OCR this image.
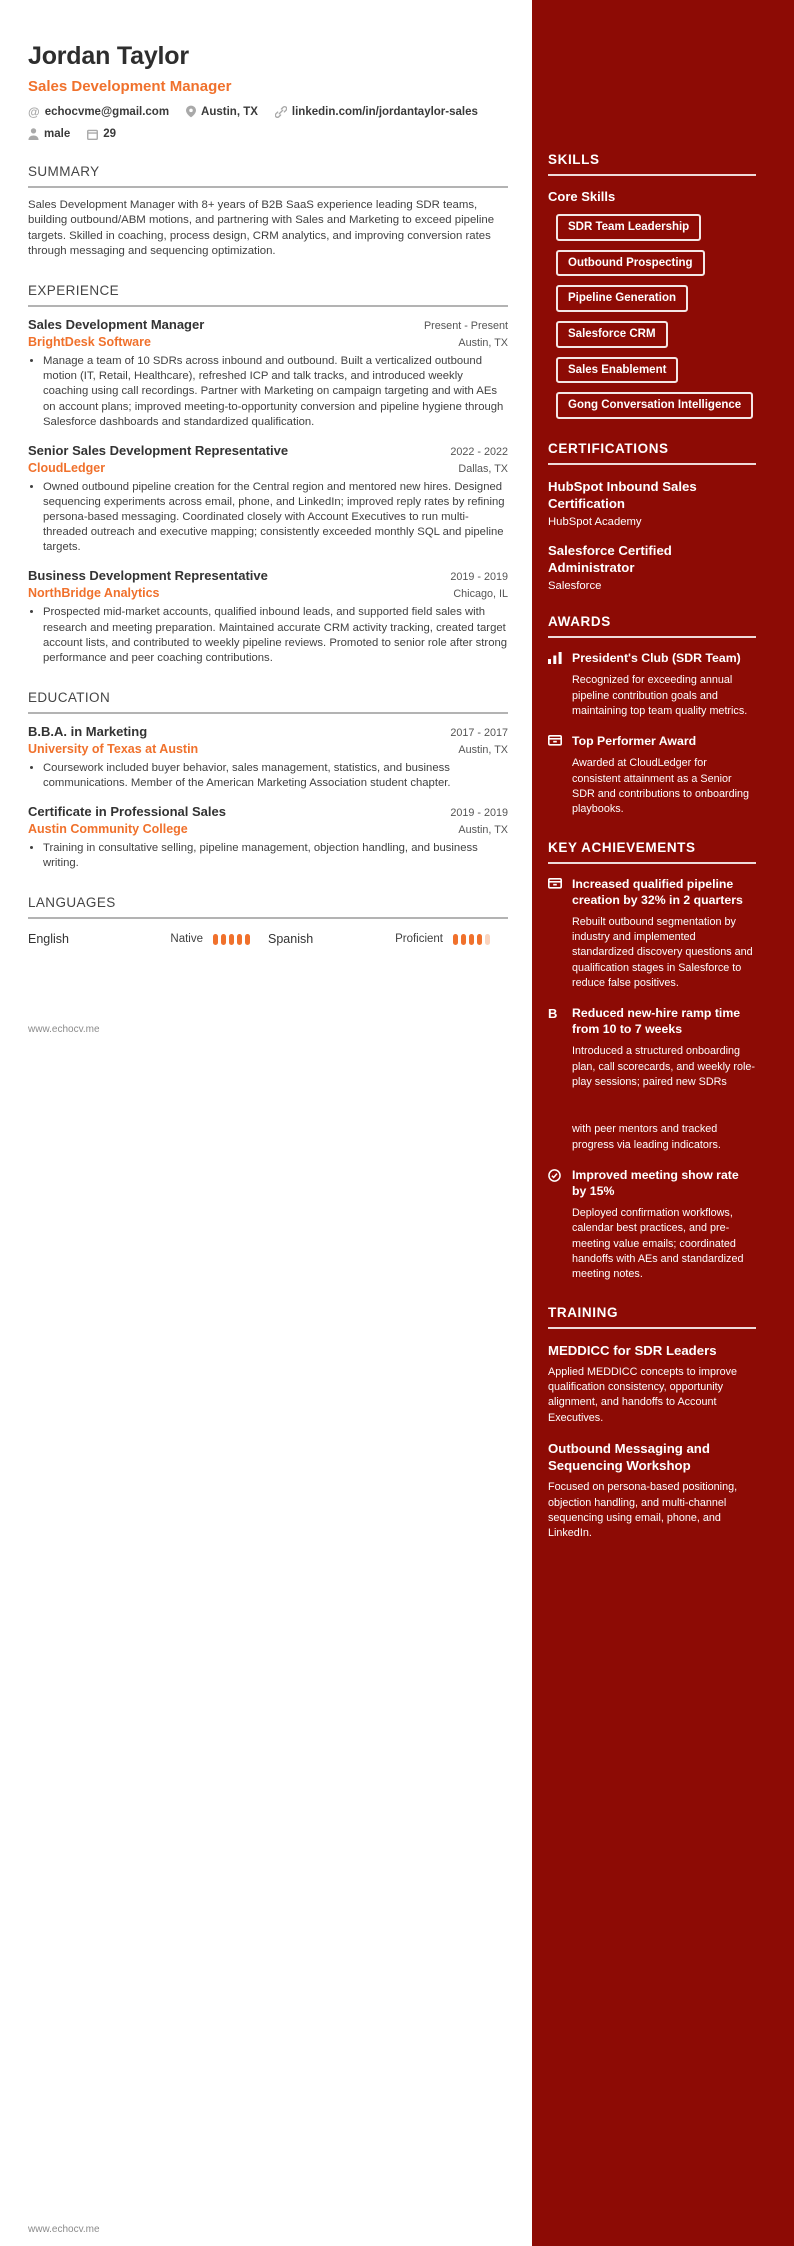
Jordan Taylor
Sales Development Manager
@ echocvme@gmail.com	Austin, TX	linkedin.com/in/jordantaylor-sales
male	29
SUMMARY
Sales Development Manager with 8+ years of B2B SaaS experience leading SDR teams, building outbound/ABM motions, and partnering with Sales and Marketing to exceed pipeline targets. Skilled in coaching, process design, CRM analytics, and improving conversion rates through messaging and sequencing optimization.
EXPERIENCE
Sales Development Manager	Present - Present
BrightDesk Software	Austin, TX
• Manage a team of 10 SDRs across inbound and outbound. Built a verticalized outbound motion (IT, Retail, Healthcare), refreshed ICP and talk tracks, and introduced weekly coaching using call recordings. Partner with Marketing on campaign targeting and with AEs on account plans; improved meeting-to-opportunity conversion and pipeline hygiene through Salesforce dashboards and standardized qualification.
Senior Sales Development Representative	2022 - 2022
CloudLedger	Dallas, TX
• Owned outbound pipeline creation for the Central region and mentored new hires. Designed sequencing experiments across email, phone, and LinkedIn; improved reply rates by refining persona-based messaging. Coordinated closely with Account Executives to run multi-threaded outreach and executive mapping; consistently exceeded monthly SQL and pipeline targets.
Business Development Representative	2019 - 2019
NorthBridge Analytics	Chicago, IL
• Prospected mid-market accounts, qualified inbound leads, and supported field sales with research and meeting preparation. Maintained accurate CRM activity tracking, created target account lists, and contributed to weekly pipeline reviews. Promoted to senior role after strong performance and peer coaching contributions.
EDUCATION
B.B.A. in Marketing	2017 - 2017
University of Texas at Austin	Austin, TX
• Coursework included buyer behavior, sales management, statistics, and business communications. Member of the American Marketing Association student chapter.
Certificate in Professional Sales	2019 - 2019
Austin Community College	Austin, TX
• Training in consultative selling, pipeline management, objection handling, and business writing.
LANGUAGES
English	Native	Spanish	Proficient
www.echocv.me
www.echocv.me
SKILLS
Core Skills
SDR Team Leadership
Outbound Prospecting
Pipeline Generation
Salesforce CRM
Sales Enablement
Gong Conversation Intelligence
CERTIFICATIONS
HubSpot Inbound Sales Certification
HubSpot Academy
Salesforce Certified Administrator
Salesforce
AWARDS
President's Club (SDR Team)
Recognized for exceeding annual pipeline contribution goals and maintaining top team quality metrics.
Top Performer Award
Awarded at CloudLedger for consistent attainment as a Senior SDR and contributions to onboarding playbooks.
KEY ACHIEVEMENTS
Increased qualified pipeline creation by 32% in 2 quarters
Rebuilt outbound segmentation by industry and implemented standardized discovery questions and qualification stages in Salesforce to reduce false positives.
B	Reduced new-hire ramp time from 10 to 7 weeks
Introduced a structured onboarding plan, call scorecards, and weekly role-play sessions; paired new SDRs
with peer mentors and tracked progress via leading indicators.
Improved meeting show rate by 15%
Deployed confirmation workflows, calendar best practices, and pre-meeting value emails; coordinated handoffs with AEs and standardized meeting notes.
TRAINING
MEDDICC for SDR Leaders
Applied MEDDICC concepts to improve qualification consistency, opportunity alignment, and handoffs to Account Executives.
Outbound Messaging and Sequencing Workshop
Focused on persona-based positioning, objection handling, and multi-channel sequencing using email, phone, and LinkedIn.
